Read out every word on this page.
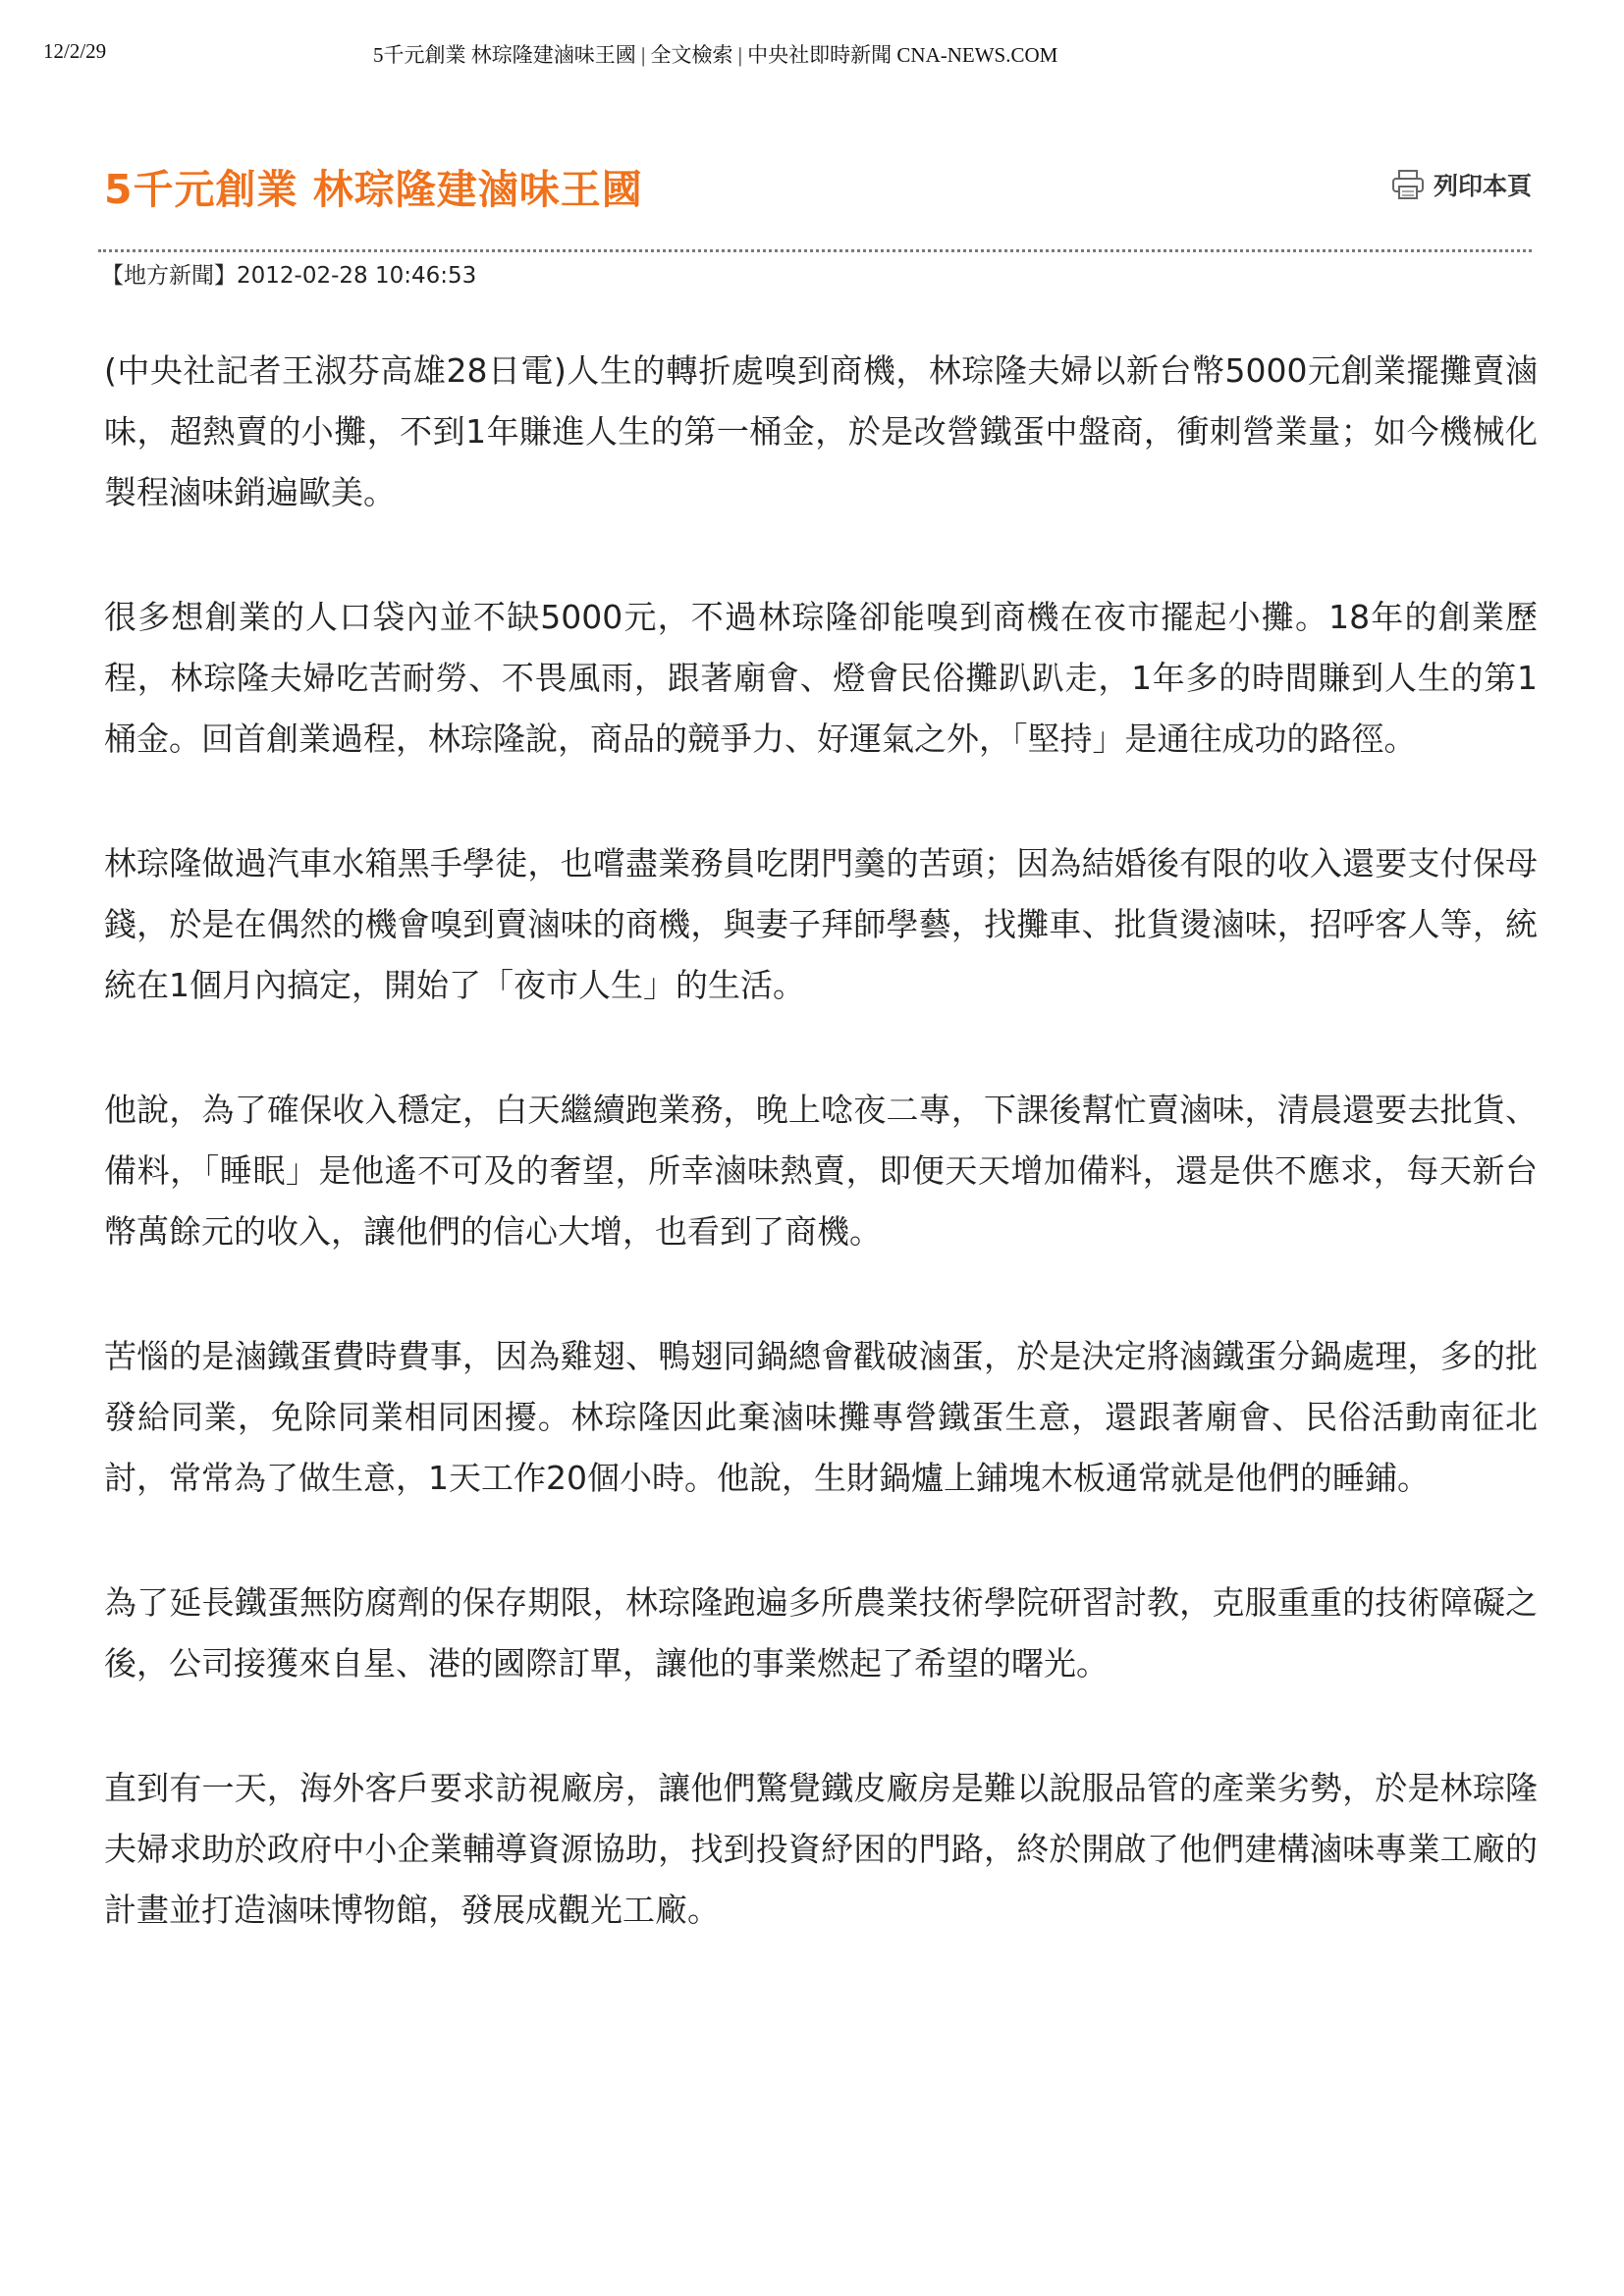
12/2/29	5千元創業 林琮隆建滷味王國 | 全文檢索 | 中央社即時新聞 CNA-NEWS.COM
5千元創業 林琮隆建滷味王國	列印本頁
【地方新聞】2012-02-28 10:46:53

(中央社記者王淑芬高雄28日電)人生的轉折處嗅到商機，林琮隆夫婦以新台幣5000元創業擺攤賣滷味，超熱賣的小攤，不到1年賺進人生的第一桶金，於是改營鐵蛋中盤商，衝刺營業量；如今機械化製程滷味銷遍歐美。

很多想創業的人口袋內並不缺5000元，不過林琮隆卻能嗅到商機在夜市擺起小攤。18年的創業歷程，林琮隆夫婦吃苦耐勞、不畏風雨，跟著廟會、燈會民俗攤趴趴走，1年多的時間賺到人生的第1桶金。回首創業過程，林琮隆說，商品的競爭力、好運氣之外，「堅持」是通往成功的路徑。

林琮隆做過汽車水箱黑手學徒，也嚐盡業務員吃閉門羹的苦頭；因為結婚後有限的收入還要支付保母錢，於是在偶然的機會嗅到賣滷味的商機，與妻子拜師學藝，找攤車、批貨燙滷味，招呼客人等，統統在1個月內搞定，開始了「夜市人生」的生活。

他說，為了確保收入穩定，白天繼續跑業務，晚上唸夜二專，下課後幫忙賣滷味，清晨還要去批貨、備料，「睡眠」是他遙不可及的奢望，所幸滷味熱賣，即便天天增加備料，還是供不應求，每天新台幣萬餘元的收入，讓他們的信心大增，也看到了商機。

苦惱的是滷鐵蛋費時費事，因為雞翅、鴨翅同鍋總會戳破滷蛋，於是決定將滷鐵蛋分鍋處理，多的批發給同業，免除同業相同困擾。林琮隆因此棄滷味攤專營鐵蛋生意，還跟著廟會、民俗活動南征北討，常常為了做生意，1天工作20個小時。他說，生財鍋爐上鋪塊木板通常就是他們的睡鋪。

為了延長鐵蛋無防腐劑的保存期限，林琮隆跑遍多所農業技術學院研習討教，克服重重的技術障礙之後，公司接獲來自星、港的國際訂單，讓他的事業燃起了希望的曙光。

直到有一天，海外客戶要求訪視廠房，讓他們驚覺鐵皮廠房是難以說服品管的產業劣勢，於是林琮隆夫婦求助於政府中小企業輔導資源協助，找到投資紓困的門路，終於開啟了他們建構滷味專業工廠的計畫並打造滷味博物館，發展成觀光工廠。
